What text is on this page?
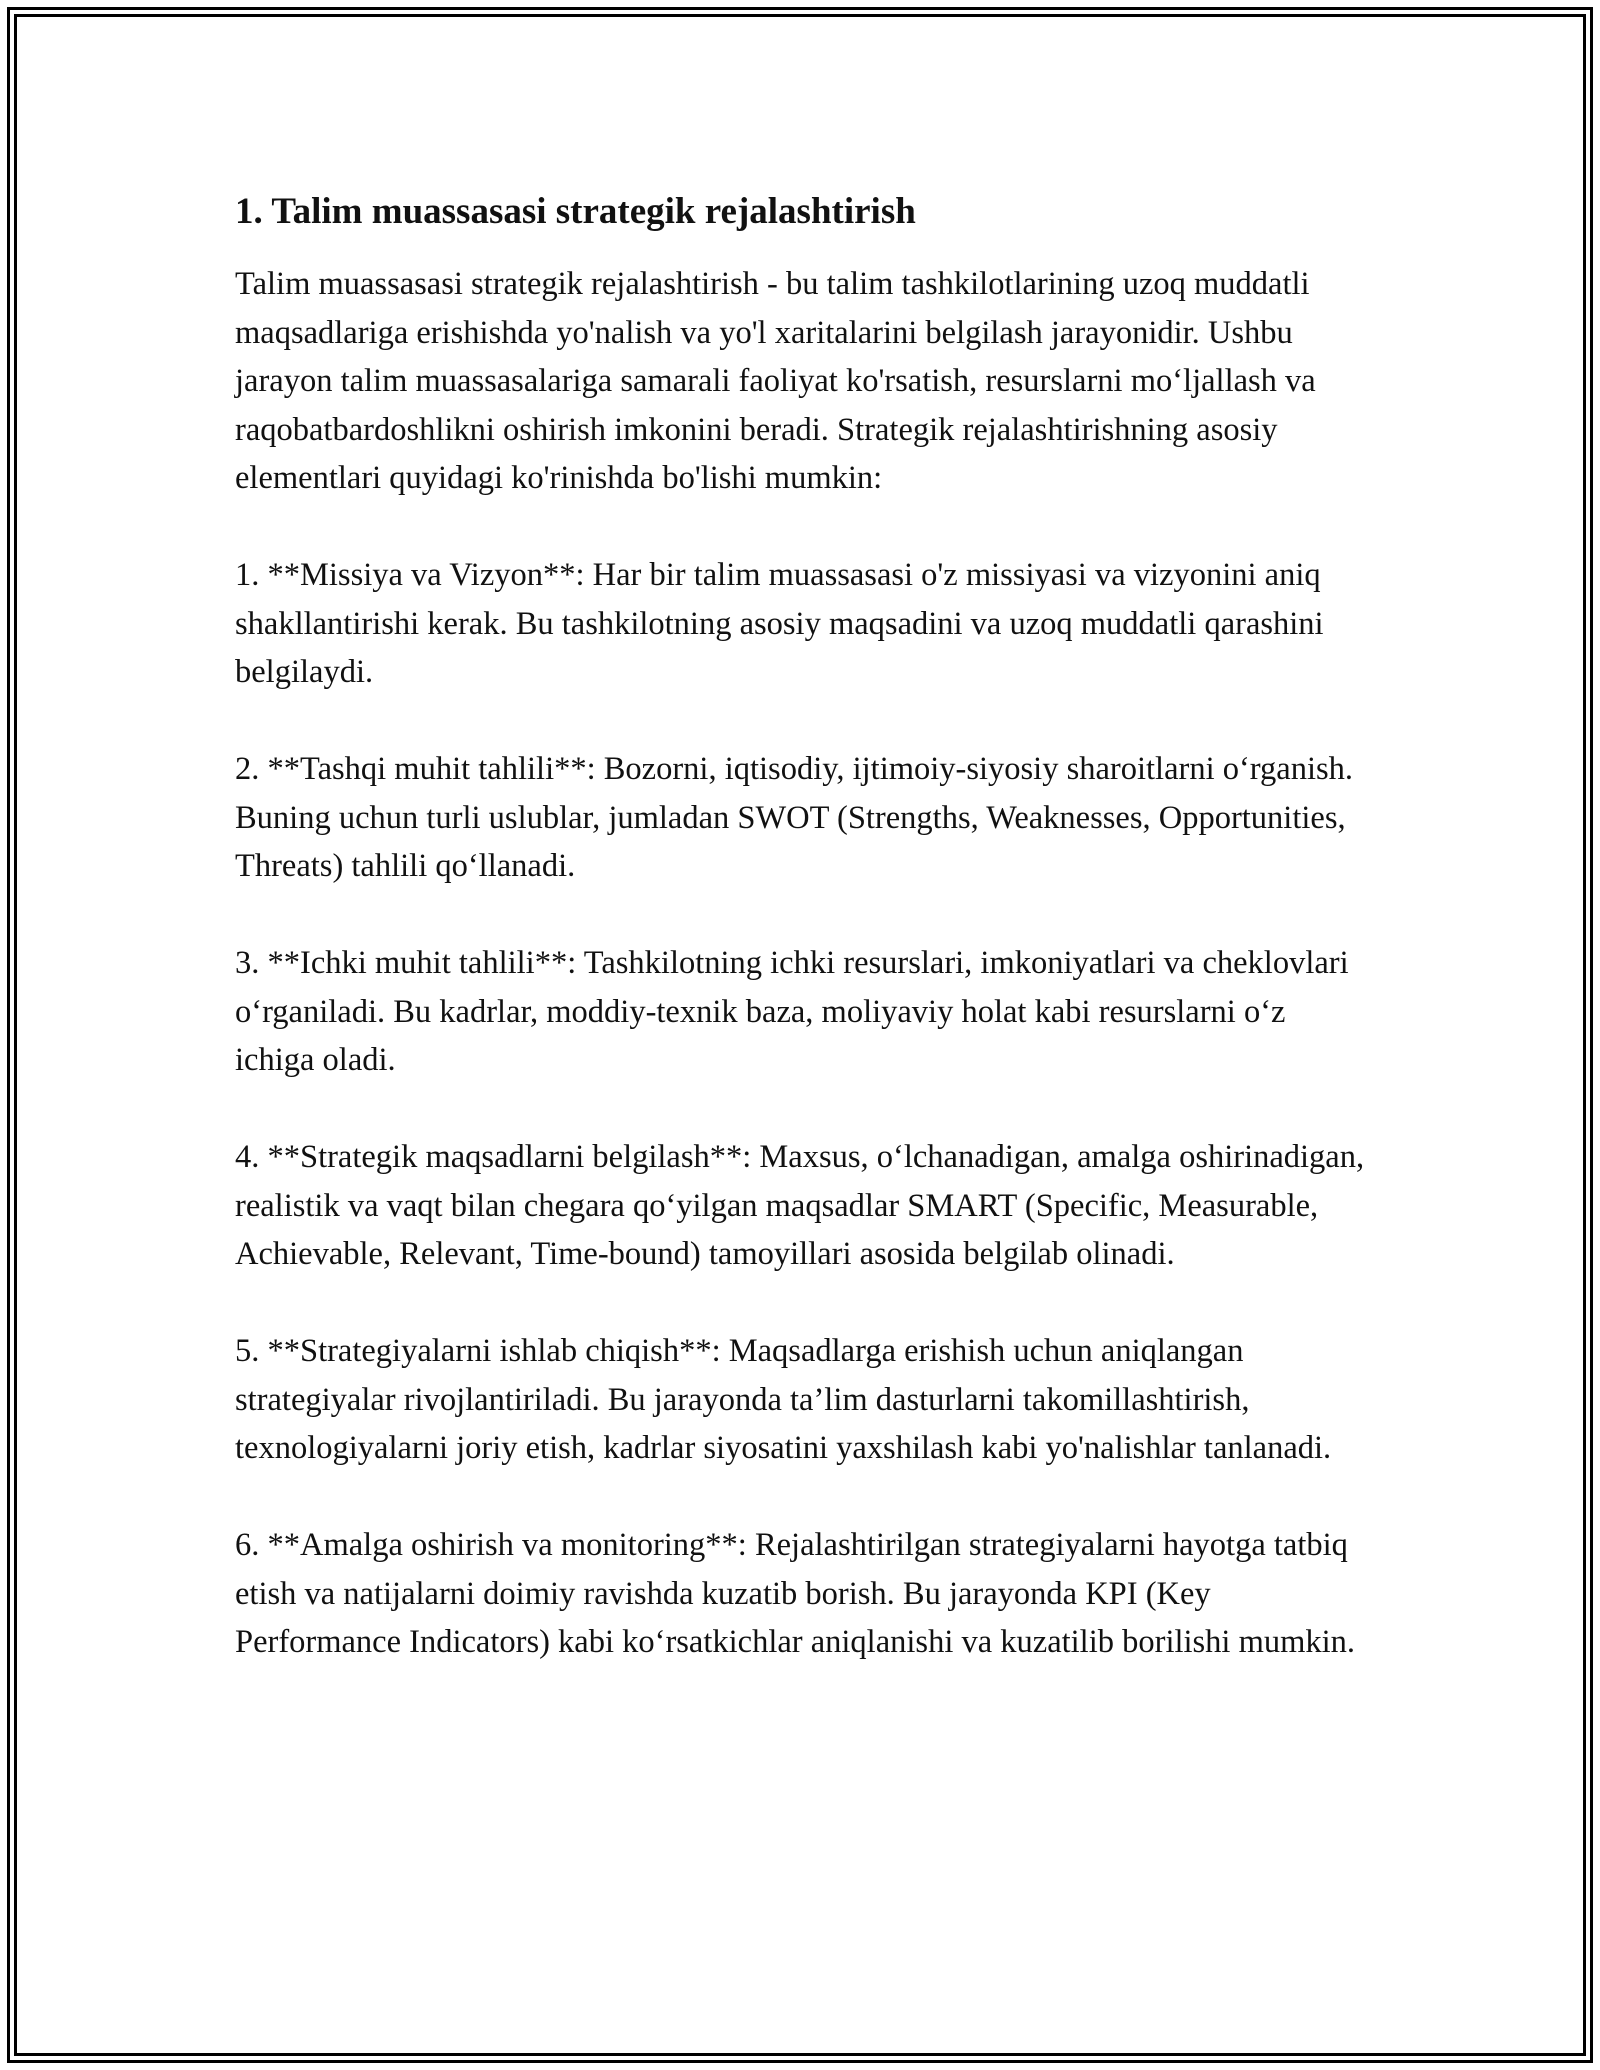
1. Talim muassasasi strategik rejalashtirish

Talim muassasasi strategik rejalashtirish - bu talim tashkilotlarining uzoq muddatli maqsadlariga erishishda yo'nalish va yo'l xaritalarini belgilash jarayonidir. Ushbu jarayon talim muassasalariga samarali faoliyat ko'rsatish, resurslarni mo‘ljallash va raqobatbardoshlikni oshirish imkonini beradi. Strategik rejalashtirishning asosiy elementlari quyidagi ko'rinishda bo'lishi mumkin:

1. **Missiya va Vizyon**: Har bir talim muassasasi o'z missiyasi va vizyonini aniq shakllantirishi kerak. Bu tashkilotning asosiy maqsadini va uzoq muddatli qarashini belgilaydi.

2. **Tashqi muhit tahlili**: Bozorni, iqtisodiy, ijtimoiy-siyosiy sharoitlarni o‘rganish. Buning uchun turli uslublar, jumladan SWOT (Strengths, Weaknesses, Opportunities, Threats) tahlili qo‘llanadi.

3. **Ichki muhit tahlili**: Tashkilotning ichki resurslari, imkoniyatlari va cheklovlari o‘rganiladi. Bu kadrlar, moddiy-texnik baza, moliyaviy holat kabi resurslarni o‘z ichiga oladi.

4. **Strategik maqsadlarni belgilash**: Maxsus, o‘lchanadigan, amalga oshirinadigan, realistik va vaqt bilan chegara qo‘yilgan maqsadlar SMART (Specific, Measurable, Achievable, Relevant, Time-bound) tamoyillari asosida belgilab olinadi.

5. **Strategiyalarni ishlab chiqish**: Maqsadlarga erishish uchun aniqlangan strategiyalar rivojlantiriladi. Bu jarayonda ta’lim dasturlarni takomillashtirish, texnologiyalarni joriy etish, kadrlar siyosatini yaxshilash kabi yo'nalishlar tanlanadi.

6. **Amalga oshirish va monitoring**: Rejalashtirilgan strategiyalarni hayotga tatbiq etish va natijalarni doimiy ravishda kuzatib borish. Bu jarayonda KPI (Key Performance Indicators) kabi ko‘rsatkichlar aniqlanishi va kuzatilib borilishi mumkin.
